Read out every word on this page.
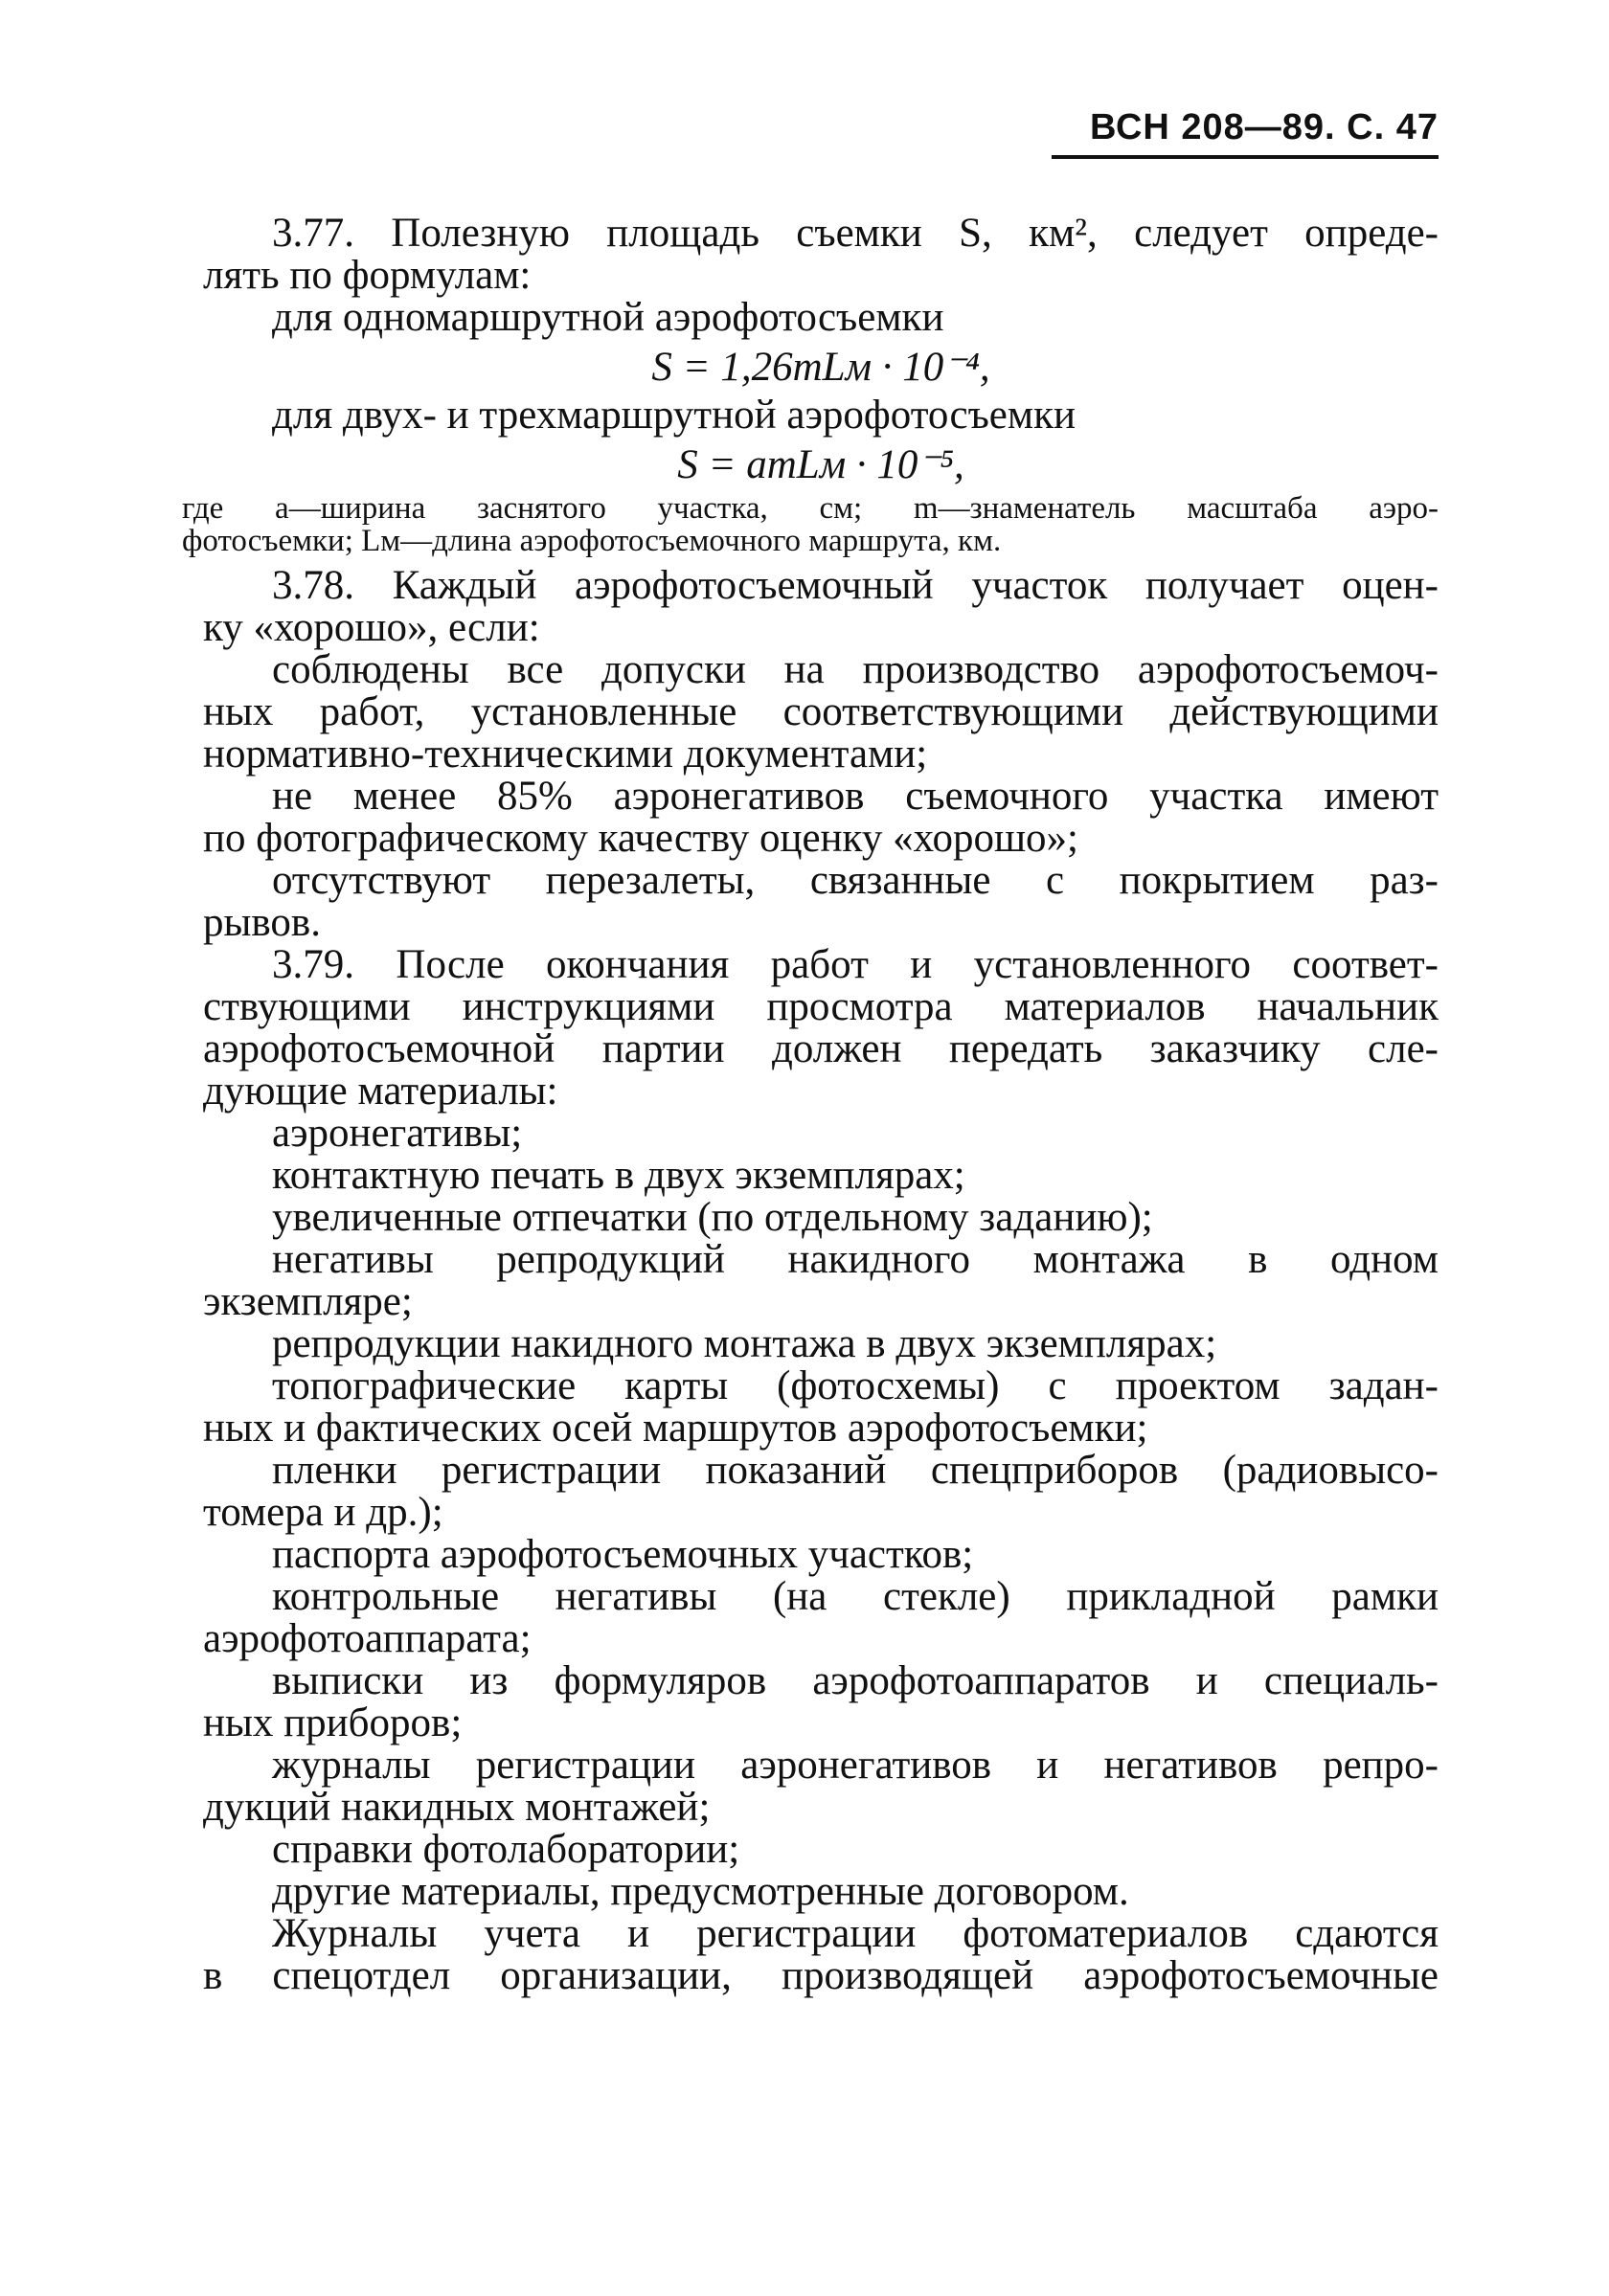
ВСН 208—89. С. 47
3.77. Полезную площадь съемки S, км², следует опреде-
лять по формулам:
для одномаршрутной аэрофотосъемки
S = 1,26mLм · 10⁻⁴,
для двух- и трехмаршрутной аэрофотосъемки
S = amLм · 10⁻⁵,
где a—ширина заснятого участка, см; m—знаменатель масштаба аэро-
фотосъемки; Lм—длина аэрофотосъемочного маршрута, км.
3.78. Каждый аэрофотосъемочный участок получает оцен-
ку «хорошо», если:
соблюдены все допуски на производство аэрофотосъемоч-
ных работ, установленные соответствующими действующими
нормативно-техническими документами;
не менее 85% аэронегативов съемочного участка имеют
по фотографическому качеству оценку «хорошо»;
отсутствуют перезалеты, связанные с покрытием раз-
рывов.
3.79. После окончания работ и установленного соответ-
ствующими инструкциями просмотра материалов начальник
аэрофотосъемочной партии должен передать заказчику сле-
дующие материалы:
аэронегативы;
контактную печать в двух экземплярах;
увеличенные отпечатки (по отдельному заданию);
негативы репродукций накидного монтажа в одном
экземпляре;
репродукции накидного монтажа в двух экземплярах;
топографические карты (фотосхемы) с проектом задан-
ных и фактических осей маршрутов аэрофотосъемки;
пленки регистрации показаний спецприборов (радиовысо-
томера и др.);
паспорта аэрофотосъемочных участков;
контрольные негативы (на стекле) прикладной рамки
аэрофотоаппарата;
выписки из формуляров аэрофотоаппаратов и специаль-
ных приборов;
журналы регистрации аэронегативов и негативов репро-
дукций накидных монтажей;
справки фотолаборатории;
другие материалы, предусмотренные договором.
Журналы учета и регистрации фотоматериалов сдаются
в спецотдел организации, производящей аэрофотосъемочные
